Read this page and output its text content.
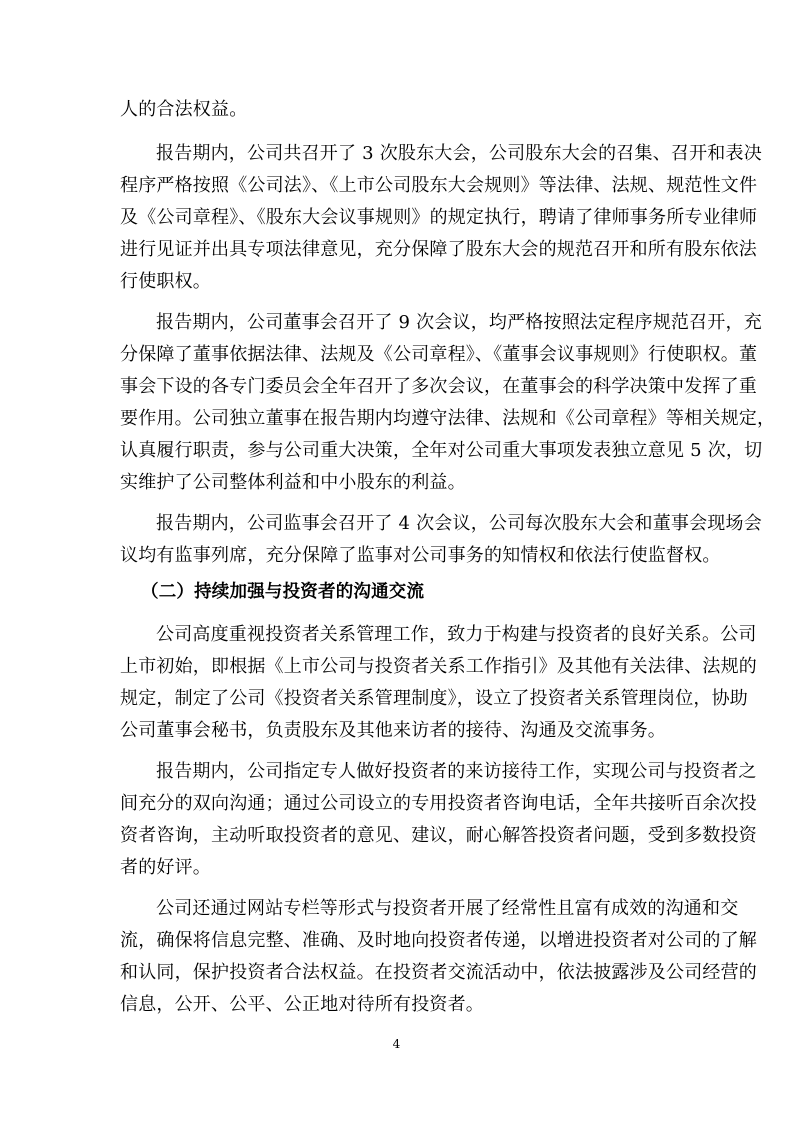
人的合法权益。
报告期内，公司共召开了 3 次股东大会，公司股东大会的召集、召开和表决
程序严格按照《公司法》、《上市公司股东大会规则》等法律、法规、规范性文件
及《公司章程》、《股东大会议事规则》的规定执行，聘请了律师事务所专业律师
进行见证并出具专项法律意见，充分保障了股东大会的规范召开和所有股东依法
行使职权。
报告期内，公司董事会召开了 9 次会议，均严格按照法定程序规范召开，充
分保障了董事依据法律、法规及《公司章程》、《董事会议事规则》行使职权。董
事会下设的各专门委员会全年召开了多次会议，在董事会的科学决策中发挥了重
要作用。公司独立董事在报告期内均遵守法律、法规和《公司章程》等相关规定，
认真履行职责，参与公司重大决策，全年对公司重大事项发表独立意见 5 次，切
实维护了公司整体利益和中小股东的利益。
报告期内，公司监事会召开了 4 次会议，公司每次股东大会和董事会现场会
议均有监事列席，充分保障了监事对公司事务的知情权和依法行使监督权。
（二）持续加强与投资者的沟通交流
公司高度重视投资者关系管理工作，致力于构建与投资者的良好关系。公司
上市初始，即根据《上市公司与投资者关系工作指引》及其他有关法律、法规的
规定，制定了公司《投资者关系管理制度》，设立了投资者关系管理岗位，协助
公司董事会秘书，负责股东及其他来访者的接待、沟通及交流事务。
报告期内，公司指定专人做好投资者的来访接待工作，实现公司与投资者之
间充分的双向沟通；通过公司设立的专用投资者咨询电话，全年共接听百余次投
资者咨询，主动听取投资者的意见、建议，耐心解答投资者问题，受到多数投资
者的好评。
公司还通过网站专栏等形式与投资者开展了经常性且富有成效的沟通和交
流，确保将信息完整、准确、及时地向投资者传递，以增进投资者对公司的了解
和认同，保护投资者合法权益。在投资者交流活动中，依法披露涉及公司经营的
信息，公开、公平、公正地对待所有投资者。
4
